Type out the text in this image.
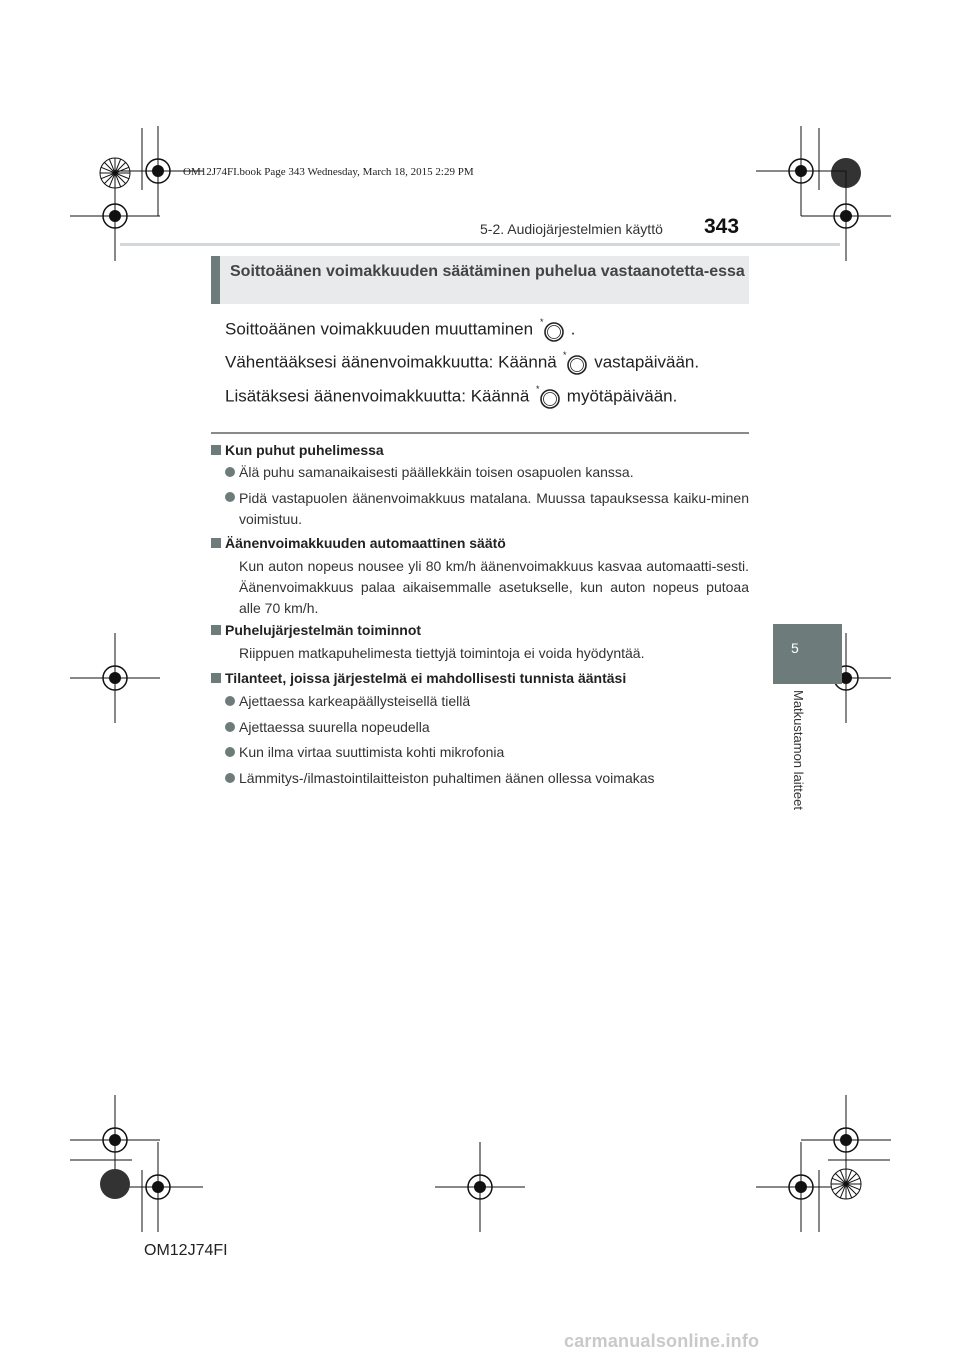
OM12J74FI.book Page 343 Wednesday, March 18, 2015 2:29 PM
5-2. Audiojärjestelmien käyttö 343
5
Matkustamon laitteet
Soittoäänen voimakkuuden säätäminen puhelua vastaanotetta-essa
Soittoäänen voimakkuuden muuttaminen * .
Vähentääksesi äänenvoimakkuutta: Käännä * vastapäivään.
Lisätäksesi äänenvoimakkuutta: Käännä * myötäpäivään.
Kun puhut puhelimessa
Älä puhu samanaikaisesti päällekkäin toisen osapuolen kanssa.
Pidä vastapuolen äänenvoimakkuus matalana. Muussa tapauksessa kaiku-minen voimistuu.
Äänenvoimakkuuden automaattinen säätö
Kun auton nopeus nousee yli 80 km/h äänenvoimakkuus kasvaa automaatti-sesti. Äänenvoimakkuus palaa aikaisemmalle asetukselle, kun auton nopeus putoaa alle 70 km/h.
Puhelujärjestelmän toiminnot
Riippuen matkapuhelimesta tiettyjä toimintoja ei voida hyödyntää.
Tilanteet, joissa järjestelmä ei mahdollisesti tunnista ääntäsi
Ajettaessa karkeapäällysteisellä tiellä
Ajettaessa suurella nopeudella
Kun ilma virtaa suuttimista kohti mikrofonia
Lämmitys-/ilmastointilaitteiston puhaltimen äänen ollessa voimakas
OM12J74FI
carmanualsonline.info
